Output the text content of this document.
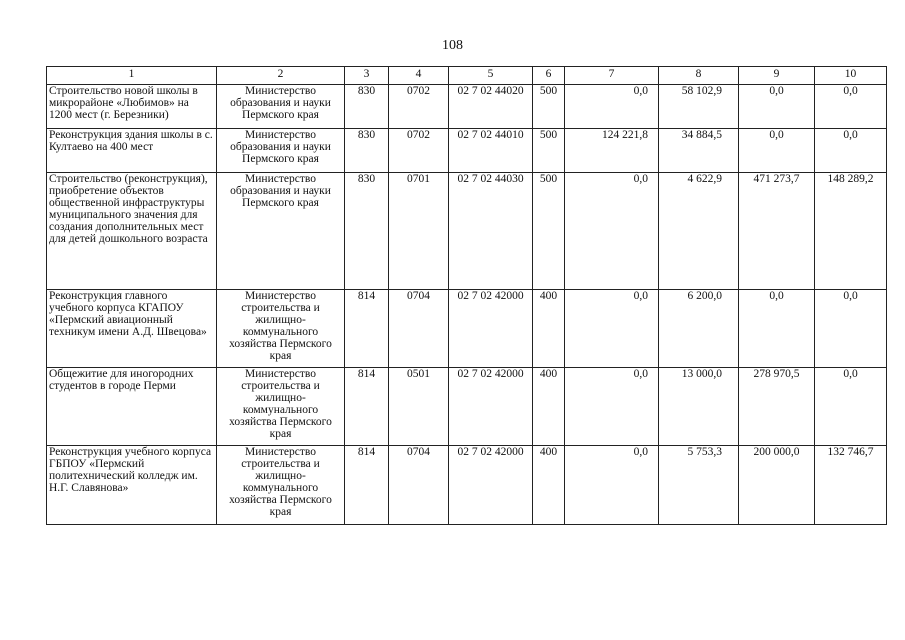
108
1	2	3	4	5	6	7	8	9	10
Строительство новой школы в микрорайоне «Любимов» на 1200 мест (г. Березники)	Министерство образования и науки Пермского края	830	0702	02 7 02 44020	500	0,0	58 102,9	0,0	0,0
Реконструкция здания школы в с. Култаево на 400 мест	Министерство образования и науки Пермского края	830	0702	02 7 02 44010	500	124 221,8	34 884,5	0,0	0,0
Строительство (реконструкция), приобретение объектов общественной инфраструктуры муниципального значения для создания дополнительных мест для детей дошкольного возраста	Министерство образования и науки Пермского края	830	0701	02 7 02 44030	500	0,0	4 622,9	471 273,7	148 289,2
Реконструкция главного учебного корпуса КГАПОУ «Пермский авиационный техникум имени А.Д. Швецова»	Министерство строительства и жилищно-коммунального хозяйства Пермского края	814	0704	02 7 02 42000	400	0,0	6 200,0	0,0	0,0
Общежитие для иногородних студентов в городе Перми	Министерство строительства и жилищно-коммунального хозяйства Пермского края	814	0501	02 7 02 42000	400	0,0	13 000,0	278 970,5	0,0
Реконструкция учебного корпуса ГБПОУ «Пермский политехнический колледж им. Н.Г. Славянова»	Министерство строительства и жилищно-коммунального хозяйства Пермского края	814	0704	02 7 02 42000	400	0,0	5 753,3	200 000,0	132 746,7
